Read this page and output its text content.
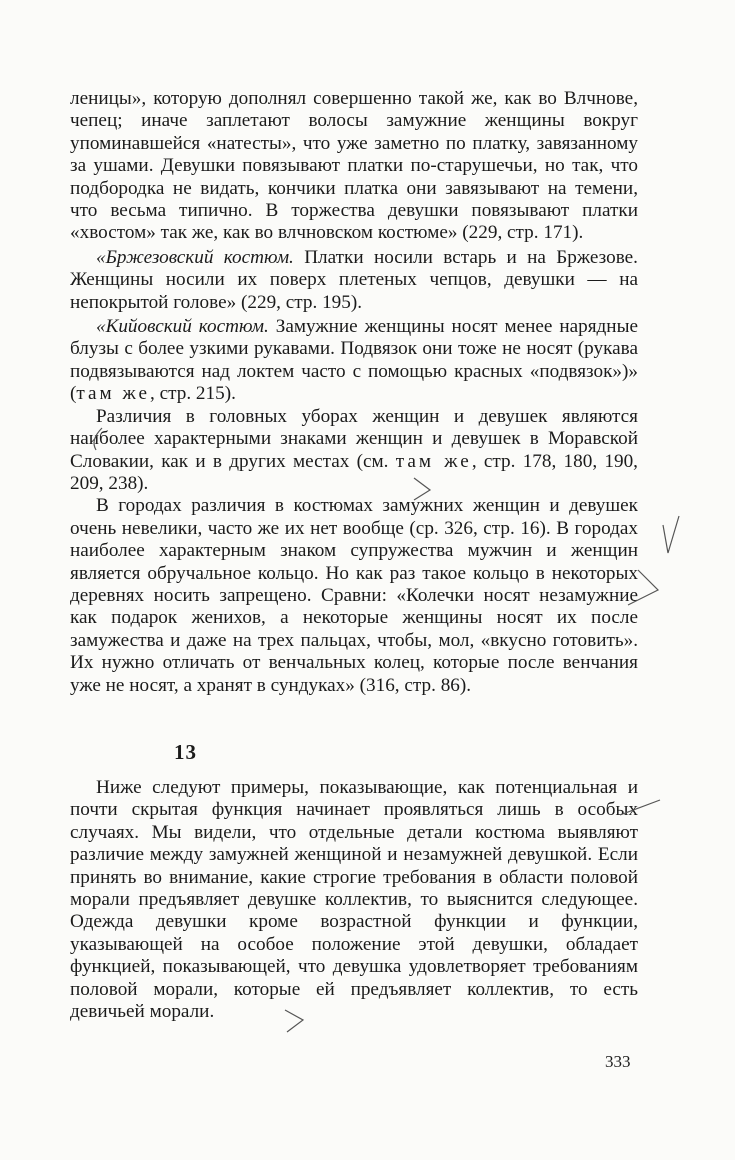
леницы», которую дополнял совершенно такой же, как во Влчнове, чепец; иначе заплетают волосы замужние женщины вокруг упоминавшейся «натесты», что уже заметно по платку, завязанному за ушами. Девушки повязывают платки по-старушечьи, но так, что подбородка не видать, кончики платка они завязывают на темени, что весьма типично. В торжества девушки повязывают платки «хвостом» так же, как во влчновском костюме» (229, стр. 171).

«Бржезовский костюм. Платки носили встарь и на Бржезове. Женщины носили их поверх плетеных чепцов, девушки — на непокрытой голове» (229, стр. 195).

«Кийовский костюм. Замужние женщины носят менее нарядные блузы с более узкими рукавами. Подвязок они тоже не носят (рукава подвязываются над локтем часто с помощью красных «подвязок»)» (там же, стр. 215).

Различия в головных уборах женщин и девушек являются наиболее характерными знаками женщин и девушек в Моравской Словакии, как и в других местах (см. там же, стр. 178, 180, 190, 209, 238).

В городах различия в костюмах замужних женщин и девушек очень невелики, часто же их нет вообще (ср. 326, стр. 16). В городах наиболее характерным знаком супружества мужчин и женщин является обручальное кольцо. Но как раз такое кольцо в некоторых деревнях носить запрещено. Сравни: «Колечки носят незамужние как подарок женихов, а некоторые женщины носят их после замужества и даже на трех пальцах, чтобы, мол, «вкусно готовить». Их нужно отличать от венчальных колец, которые после венчания уже не носят, а хранят в сундуках» (316, стр. 86).

13

Ниже следуют примеры, показывающие, как потенциальная и почти скрытая функция начинает проявляться лишь в особых случаях. Мы видели, что отдельные детали костюма выявляют различие между замужней женщиной и незамужней девушкой. Если принять во внимание, какие строгие требования в области половой морали предъявляет девушке коллектив, то выяснится следующее. Одежда девушки кроме возрастной функции и функции, указывающей на особое положение этой девушки, обладает функцией, показывающей, что девушка удовлетворяет требованиям половой морали, которые ей предъявляет коллектив, то есть девичьей морали.

333
